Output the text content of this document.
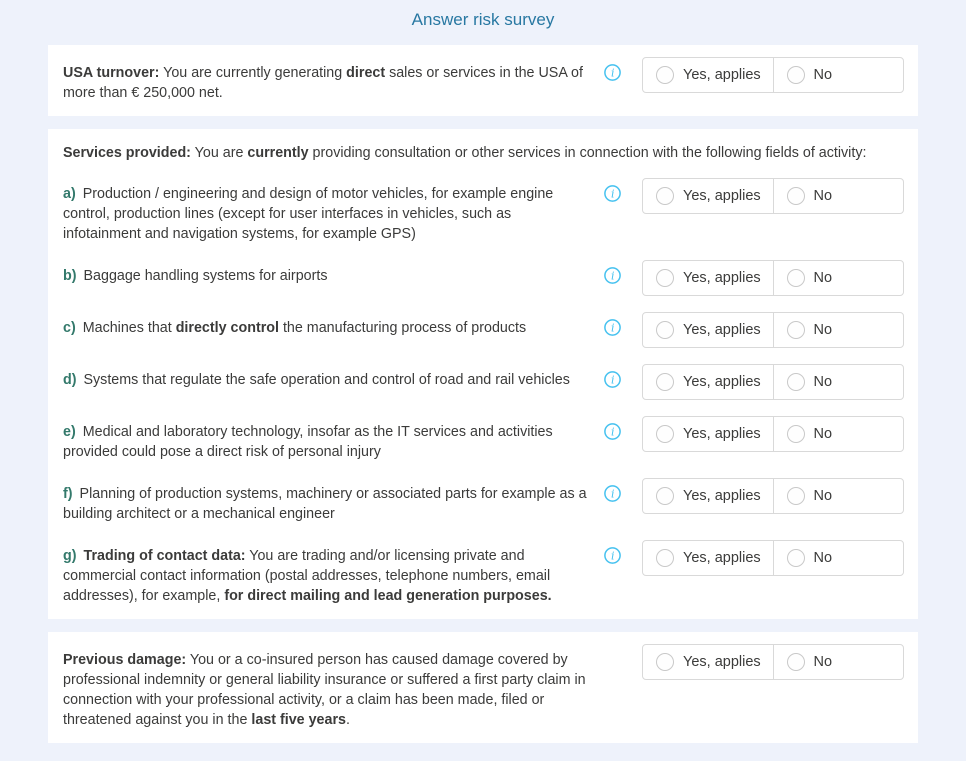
Answer risk survey
USA turnover: You are currently generating direct sales or services in the USA of more than € 250,000 net.
i	Yes, applies	No
Services provided: You are currently providing consultation or other services in connection with the following fields of activity:
a) Production / engineering and design of motor vehicles, for example engine control, production lines (except for user interfaces in vehicles, such as infotainment and navigation systems, for example GPS)
i	Yes, applies	No
b) Baggage handling systems for airports	i	Yes, applies	No
c) Machines that directly control the manufacturing process of products	i	Yes, applies	No
d) Systems that regulate the safe operation and control of road and rail vehicles	i	Yes, applies	No
e) Medical and laboratory technology, insofar as the IT services and activities provided could pose a direct risk of personal injury
i	Yes, applies	No
f) Planning of production systems, machinery or associated parts for example as a building architect or a mechanical engineer
i	Yes, applies	No
g) Trading of contact data: You are trading and/or licensing private and commercial contact information (postal addresses, telephone numbers, email addresses), for example, for direct mailing and lead generation purposes.
i	Yes, applies	No
Previous damage: You or a co-insured person has caused damage covered by professional indemnity or general liability insurance or suffered a first party claim in connection with your professional activity, or a claim has been made, filed or threatened against you in the last five years.
Yes, applies	No
